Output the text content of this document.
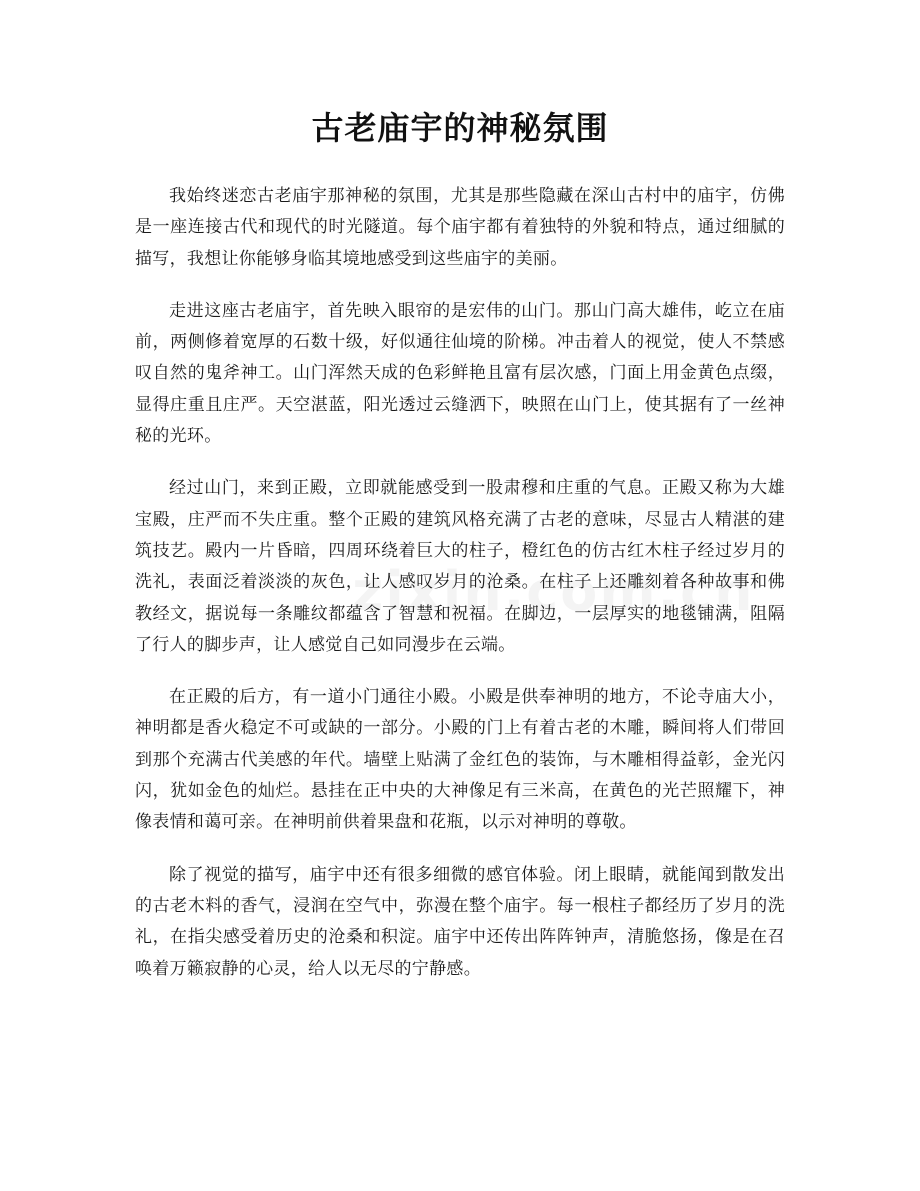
古老庙宇的神秘氛围

我始终迷恋古老庙宇那神秘的氛围，尤其是那些隐藏在深山古村中的庙宇，仿佛是一座连接古代和现代的时光隧道。每个庙宇都有着独特的外貌和特点，通过细腻的描写，我想让你能够身临其境地感受到这些庙宇的美丽。

走进这座古老庙宇，首先映入眼帘的是宏伟的山门。那山门高大雄伟，屹立在庙前，两侧修着宽厚的石数十级，好似通往仙境的阶梯。冲击着人的视觉，使人不禁感叹自然的鬼斧神工。山门浑然天成的色彩鲜艳且富有层次感，门面上用金黄色点缀，显得庄重且庄严。天空湛蓝，阳光透过云缝洒下，映照在山门上，使其据有了一丝神秘的光环。

经过山门，来到正殿，立即就能感受到一股肃穆和庄重的气息。正殿又称为大雄宝殿，庄严而不失庄重。整个正殿的建筑风格充满了古老的意味，尽显古人精湛的建筑技艺。殿内一片昏暗，四周环绕着巨大的柱子，橙红色的仿古红木柱子经过岁月的洗礼，表面泛着淡淡的灰色，让人感叹岁月的沧桑。在柱子上还雕刻着各种故事和佛教经文，据说每一条雕纹都蕴含了智慧和祝福。在脚边，一层厚实的地毯铺满，阻隔了行人的脚步声，让人感觉自己如同漫步在云端。

在正殿的后方，有一道小门通往小殿。小殿是供奉神明的地方，不论寺庙大小，神明都是香火稳定不可或缺的一部分。小殿的门上有着古老的木雕，瞬间将人们带回到那个充满古代美感的年代。墙壁上贴满了金红色的装饰，与木雕相得益彰，金光闪闪，犹如金色的灿烂。悬挂在正中央的大神像足有三米高，在黄色的光芒照耀下，神像表情和蔼可亲。在神明前供着果盘和花瓶，以示对神明的尊敬。

除了视觉的描写，庙宇中还有很多细微的感官体验。闭上眼睛，就能闻到散发出的古老木料的香气，浸润在空气中，弥漫在整个庙宇。每一根柱子都经历了岁月的洗礼，在指尖感受着历史的沧桑和积淀。庙宇中还传出阵阵钟声，清脆悠扬，像是在召唤着万籁寂静的心灵，给人以无尽的宁静感。
